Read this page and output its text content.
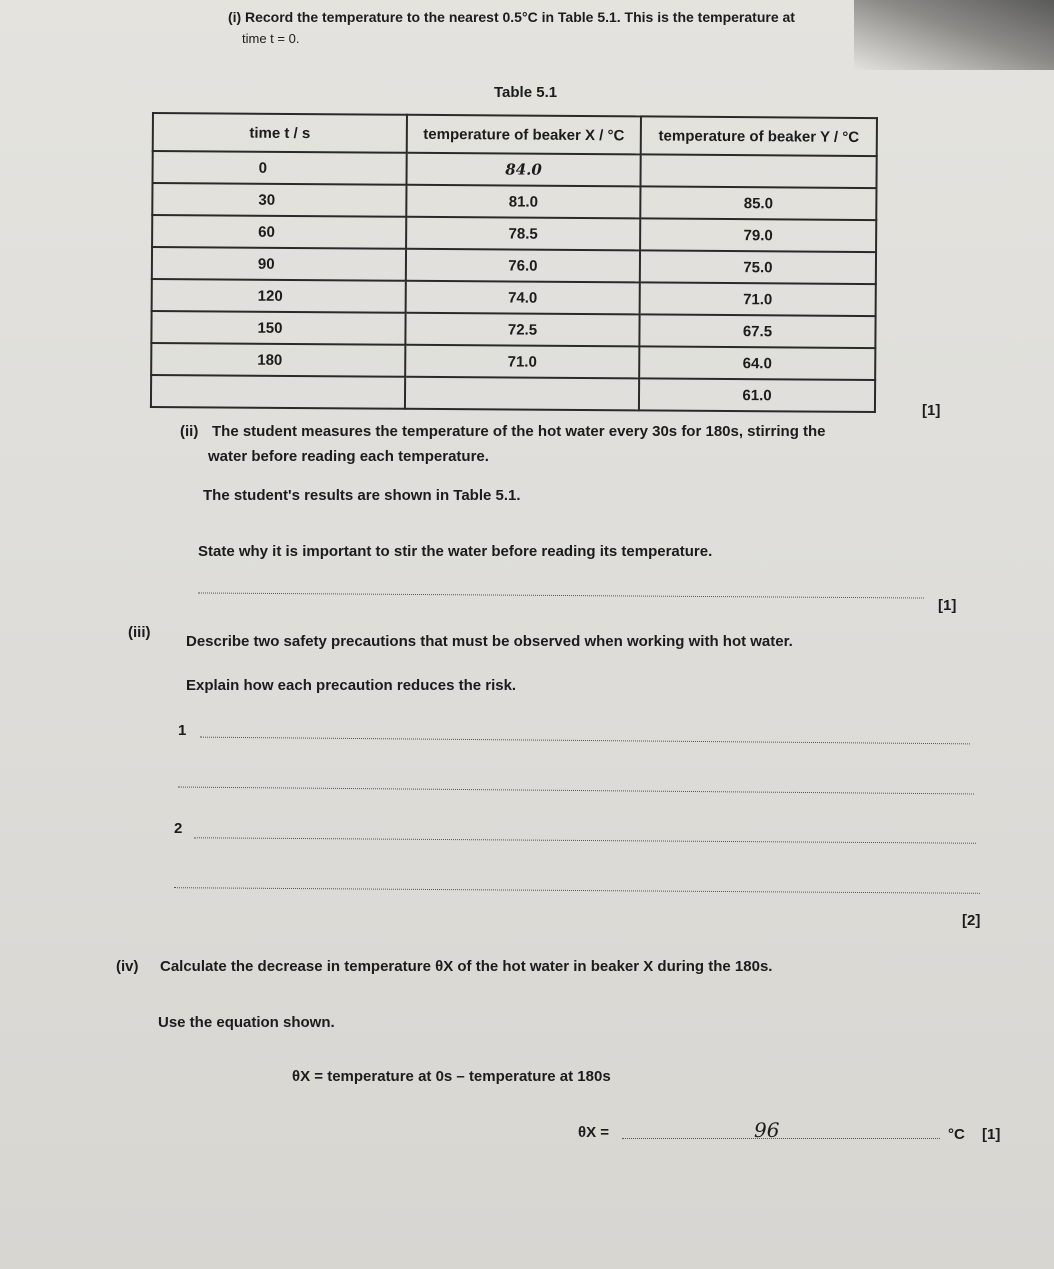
(i) Record the temperature to the nearest 0.5°C in Table 5.1. This is the temperature at
time t = 0.
Table 5.1
time t / s	temperature of beaker X / °C	temperature of beaker Y / °C
0	84.0	
30	81.0	85.0
60	78.5	79.0
90	76.0	75.0
120	74.0	71.0
150	72.5	67.5
180	71.0	64.0
		61.0
[1]
(ii) The student measures the temperature of the hot water every 30s for 180s, stirring the
water before reading each temperature.
The student's results are shown in Table 5.1.
State why it is important to stir the water before reading its temperature.
[1]
(iii)
Describe two safety precautions that must be observed when working with hot water.
Explain how each precaution reduces the risk.
1
2
[2]
(iv) Calculate the decrease in temperature θX of the hot water in beaker X during the 180s.
Use the equation shown.
θX = temperature at 0s – temperature at 180s
θX =	96	°C [1]
